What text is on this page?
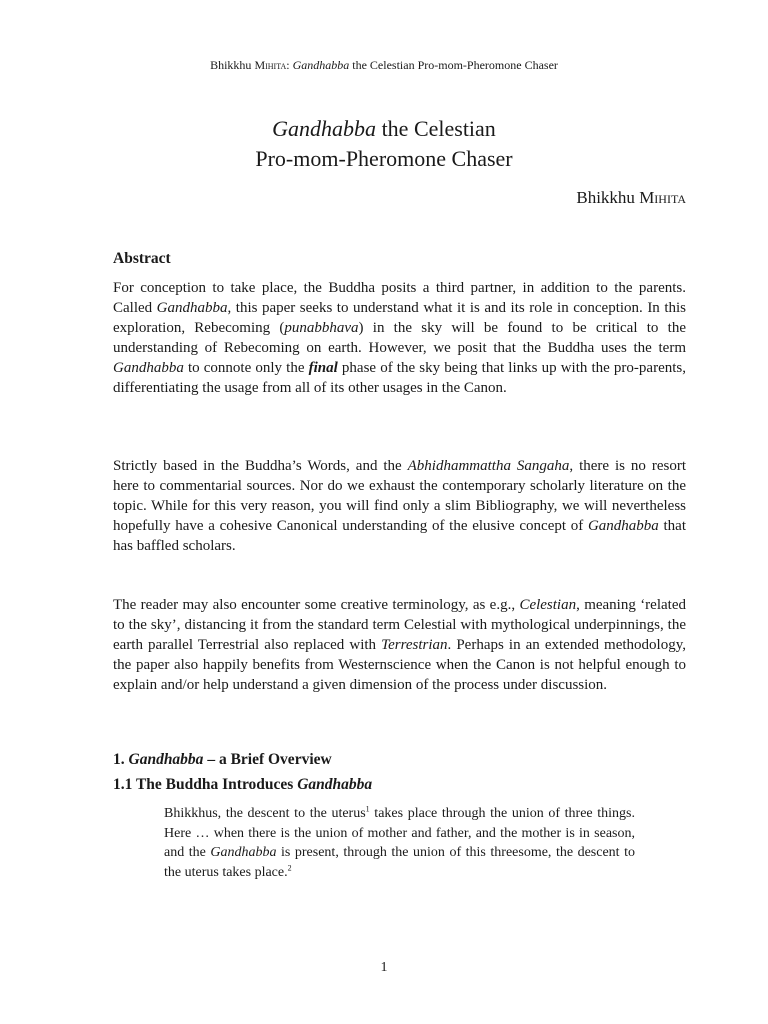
Bhikkhu Mihita: Gandhabba the Celestian Pro-mom-Pheromone Chaser
Gandhabba the Celestian
Pro-mom-Pheromone Chaser
Bhikkhu Mihita
Abstract

For conception to take place, the Buddha posits a third partner, in addition to the parents. Called Gandhabba, this paper seeks to understand what it is and its role in conception. In this exploration, Rebecoming (punabbhava) in the sky will be found to be critical to the understanding of Rebecoming on earth. However, we posit that the Buddha uses the term Gandhabba to connote only the final phase of the sky being that links up with the pro-parents, differentiating the usage from all of its other usages in the Canon.

Strictly based in the Buddha’s Words, and the Abhidhammattha Sangaha, there is no resort here to commentarial sources. Nor do we exhaust the contemporary scholarly literature on the topic. While for this very reason, you will find only a slim Bibliography, we will nevertheless hopefully have a cohesive Canonical understanding of the elusive concept of Gandhabba that has baffled scholars.

The reader may also encounter some creative terminology, as e.g., Celestian, meaning ‘related to the sky’, distancing it from the standard term Celestial with mythological underpinnings, the earth parallel Terrestrial also replaced with Terrestrian. Perhaps in an extended methodology, the paper also happily benefits from Westernscience when the Canon is not helpful enough to explain and/or help understand a given dimension of the process under discussion.

1. Gandhabba – a Brief Overview
1.1 The Buddha Introduces Gandhabba

Bhikkhus, the descent to the uterus$^1$ takes place through the union of three things. Here … when there is the union of mother and father, and the mother is in season, and the Gandhabba is present, through the union of this threesome, the descent to the uterus takes place.$^2$

1
